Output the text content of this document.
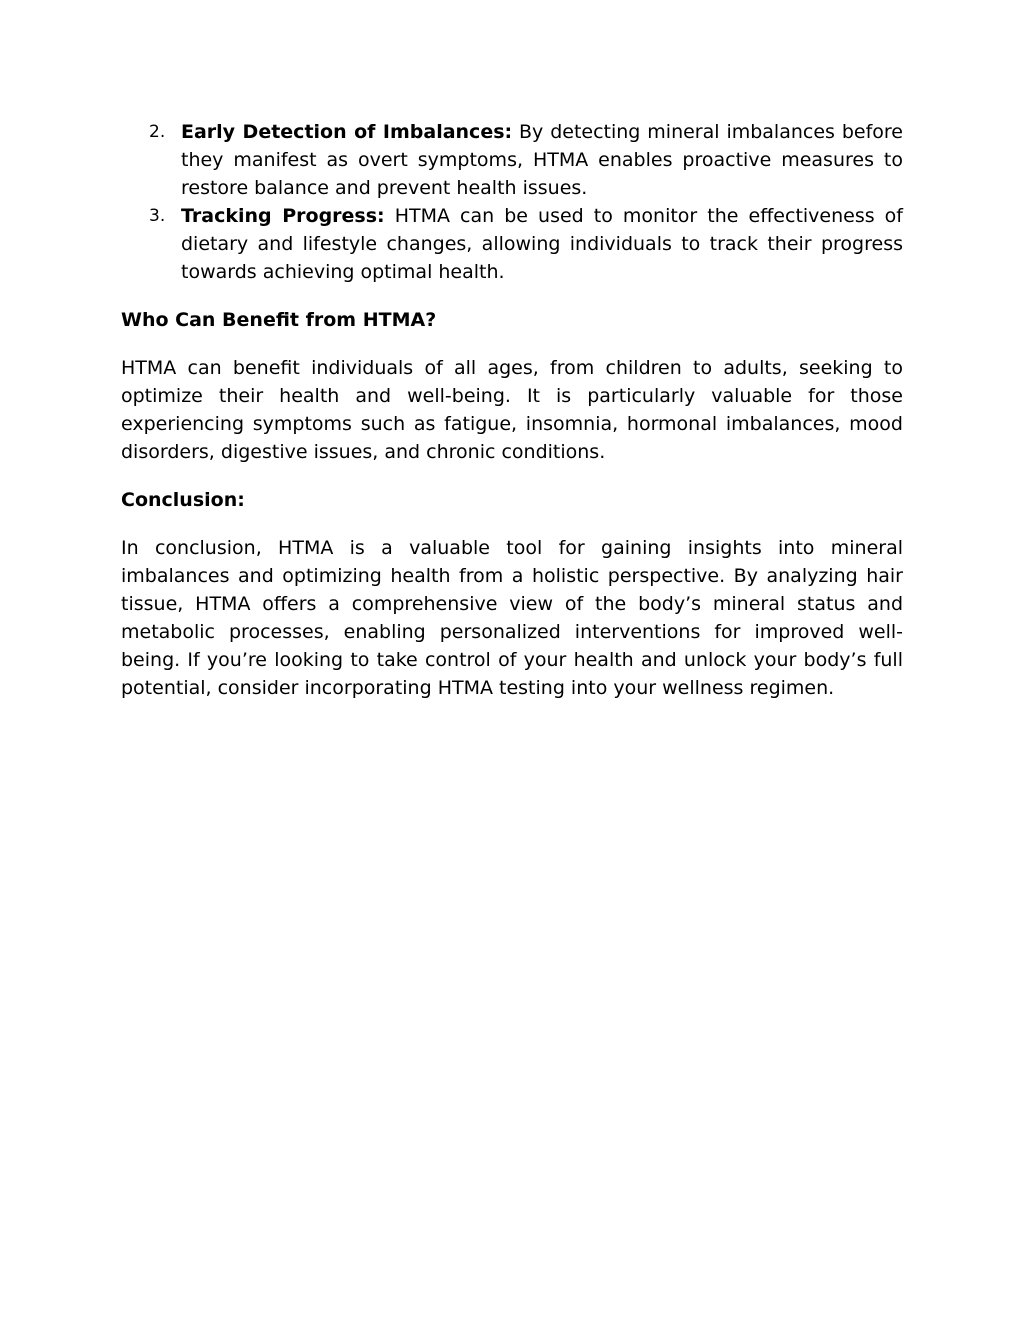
2. Early Detection of Imbalances: By detecting mineral imbalances before they manifest as overt symptoms, HTMA enables proactive measures to restore balance and prevent health issues.
3. Tracking Progress: HTMA can be used to monitor the effectiveness of dietary and lifestyle changes, allowing individuals to track their progress towards achieving optimal health.
Who Can Benefit from HTMA?

HTMA can benefit individuals of all ages, from children to adults, seeking to optimize their health and well-being. It is particularly valuable for those experiencing symptoms such as fatigue, insomnia, hormonal imbalances, mood disorders, digestive issues, and chronic conditions.

Conclusion:

In conclusion, HTMA is a valuable tool for gaining insights into mineral imbalances and optimizing health from a holistic perspective. By analyzing hair tissue, HTMA offers a comprehensive view of the body’s mineral status and metabolic processes, enabling personalized interventions for improved well-being. If you’re looking to take control of your health and unlock your body’s full potential, consider incorporating HTMA testing into your wellness regimen.
